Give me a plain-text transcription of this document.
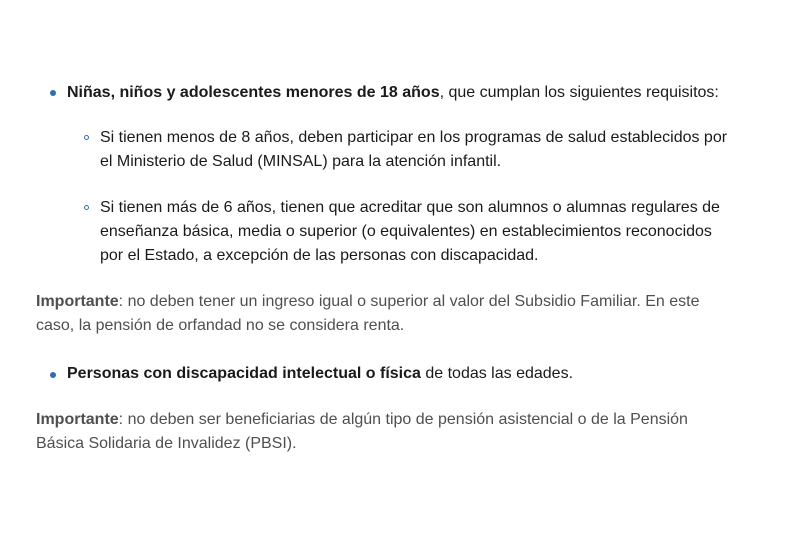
Niñas, niños y adolescentes menores de 18 años, que cumplan los siguientes requisitos:
Si tienen menos de 8 años, deben participar en los programas de salud establecidos por
el Ministerio de Salud (MINSAL) para la atención infantil.
Si tienen más de 6 años, tienen que acreditar que son alumnos o alumnas regulares de
enseñanza básica, media o superior (o equivalentes) en establecimientos reconocidos
por el Estado, a excepción de las personas con discapacidad.
Importante: no deben tener un ingreso igual o superior al valor del Subsidio Familiar. En este
caso, la pensión de orfandad no se considera renta.
Personas con discapacidad intelectual o física de todas las edades.
Importante: no deben ser beneficiarias de algún tipo de pensión asistencial o de la Pensión
Básica Solidaria de Invalidez (PBSI).
